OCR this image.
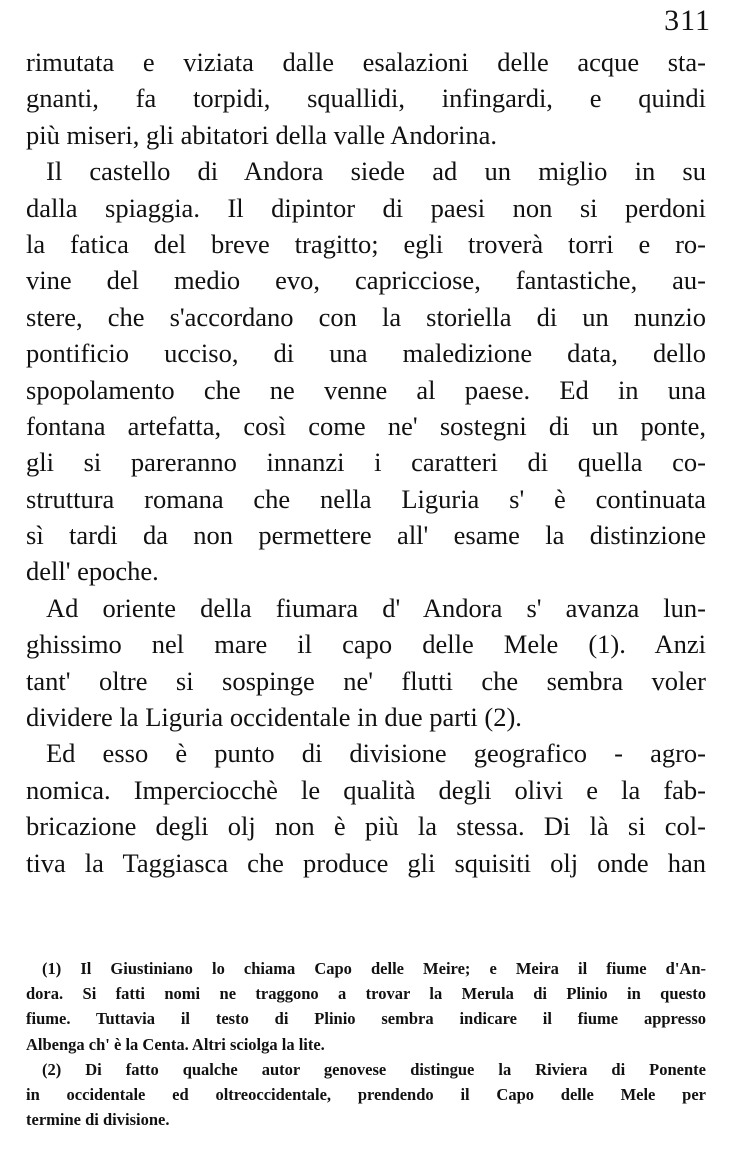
311
rimutata e viziata dalle esalazioni delle acque sta-
gnanti, fa torpidi, squallidi, infingardi, e quindi
più miseri, gli abitatori della valle Andorina.
Il castello di Andora siede ad un miglio in su
dalla spiaggia. Il dipintor di paesi non si perdoni
la fatica del breve tragitto; egli troverà torri e ro-
vine del medio evo, capricciose, fantastiche, au-
stere, che s'accordano con la storiella di un nunzio
pontificio ucciso, di una maledizione data, dello
spopolamento che ne venne al paese. Ed in una
fontana artefatta, così come ne' sostegni di un ponte,
gli si pareranno innanzi i caratteri di quella co-
struttura romana che nella Liguria s' è continuata
sì tardi da non permettere all' esame la distinzione
dell' epoche.
Ad oriente della fiumara d' Andora s' avanza lun-
ghissimo nel mare il capo delle Mele (1). Anzi
tant' oltre si sospinge ne' flutti che sembra voler
dividere la Liguria occidentale in due parti (2).
Ed esso è punto di divisione geografico - agro-
nomica. Imperciocchè le qualità degli olivi e la fab-
bricazione degli olj non è più la stessa. Di là si col-
tiva la Taggiasca che produce gli squisiti olj onde han
(1) Il Giustiniano lo chiama Capo delle Meire; e Meira il fiume d'An-
dora. Si fatti nomi ne traggono a trovar la Merula di Plinio in questo
fiume. Tuttavia il testo di Plinio sembra indicare il fiume appresso
Albenga ch' è la Centa. Altri sciolga la lite.
(2) Di fatto qualche autor genovese distingue la Riviera di Ponente
in occidentale ed oltreoccidentale, prendendo il Capo delle Mele per
termine di divisione.
